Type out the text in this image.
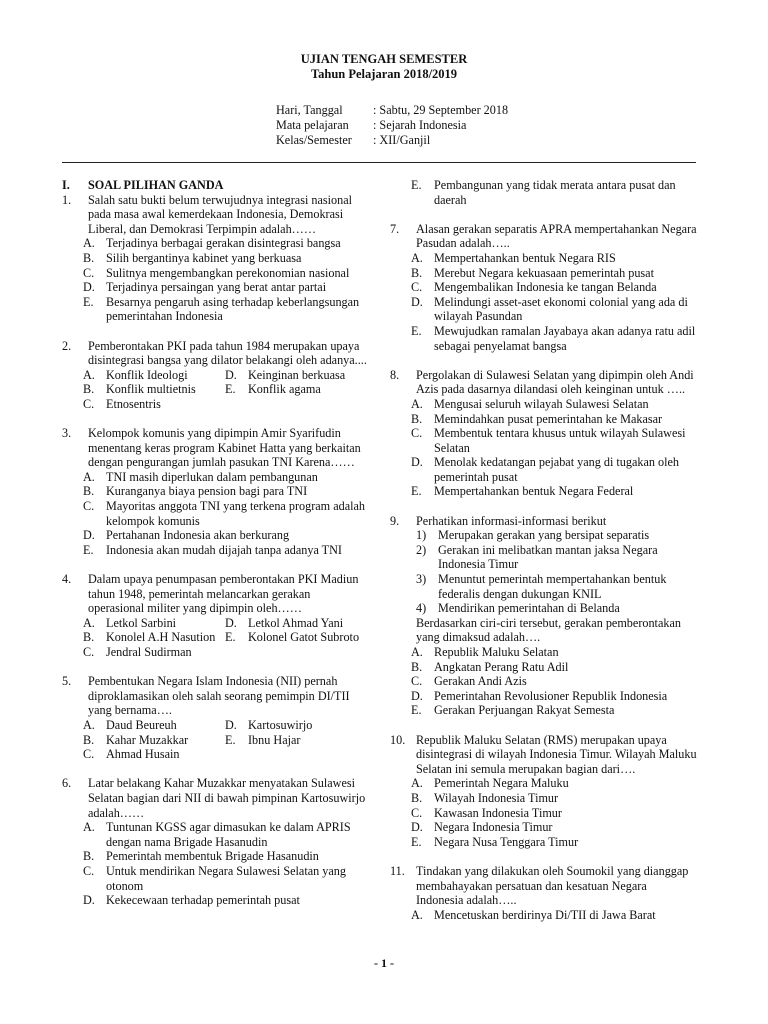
UJIAN TENGAH SEMESTER
Tahun Pelajaran 2018/2019
Hari, Tanggal	: Sabtu, 29 September 2018
Mata pelajaran	: Sejarah Indonesia
Kelas/Semester	: XII/Ganjil
I.	SOAL PILIHAN GANDA
1.	Salah satu bukti belum terwujudnya integrasi nasional pada masa awal kemerdekaan Indonesia, Demokrasi Liberal, dan Demokrasi Terpimpin adalah……
A. Terjadinya berbagai gerakan disintegrasi bangsa
B. Silih bergantinya kabinet yang berkuasa
C. Sulitnya mengembangkan perekonomian nasional
D. Terjadinya persaingan yang berat antar partai
E.	Besarnya pengaruh asing terhadap keberlangsungan pemerintahan Indonesia
2.	Pemberontakan PKI pada tahun 1984 merupakan upaya disintegrasi bangsa yang dilator belakangi oleh adanya....
A. Konflik Ideologi	D. Keinginan berkuasa
B. Konflik multietnis E.	Konflik agama
C. Etnosentris
3.	Kelompok komunis yang dipimpin Amir Syarifudin menentang keras program Kabinet Hatta yang berkaitan dengan pengurangan jumlah pasukan TNI Karena……
A. TNI masih diperlukan dalam pembangunan
B. Kuranganya biaya pension bagi para TNI
C. Mayoritas anggota TNI yang terkena program adalah kelompok komunis
D. Pertahanan Indonesia akan berkurang
E.	Indonesia akan mudah dijajah tanpa adanya TNI
4.	Dalam upaya penumpasan pemberontakan PKI Madiun tahun 1948, pemerintah melancarkan gerakan operasional militer yang dipimpin oleh……
A. Letkol Sarbini	D. Letkol Ahmad Yani
B. Konolel A.H Nasution E.	Kolonel Gatot Subroto
C. Jendral Sudirman
5.	Pembentukan Negara Islam Indonesia (NII) pernah diproklamasikan oleh salah seorang pemimpin DI/TII yang bernama….
A. Daud Beureuh	D. Kartosuwirjo
B. Kahar Muzakkar	E.	Ibnu Hajar
C. Ahmad Husain
6.	Latar belakang Kahar Muzakkar menyatakan Sulawesi Selatan bagian dari NII di bawah pimpinan Kartosuwirjo adalah……
A. Tuntunan KGSS agar dimasukan ke dalam APRIS dengan nama Brigade Hasanudin
B. Pemerintah membentuk Brigade Hasanudin
C. Untuk mendirikan Negara Sulawesi Selatan yang otonom
D. Kekecewaan terhadap pemerintah pusat
E.	Pembangunan yang tidak merata antara pusat dan daerah
7.	Alasan gerakan separatis APRA mempertahankan Negara Pasudan adalah…..
A. Mempertahankan bentuk Negara RIS
B. Merebut Negara kekuasaan pemerintah pusat
C. Mengembalikan Indonesia ke tangan Belanda
D. Melindungi asset-aset ekonomi colonial yang ada di wilayah Pasundan
E.	Mewujudkan ramalan Jayabaya akan adanya ratu adil sebagai penyelamat bangsa
8.	Pergolakan di Sulawesi Selatan yang dipimpin oleh Andi Azis pada dasarnya dilandasi oleh keinginan untuk …..
A. Mengusai seluruh wilayah Sulawesi Selatan
B. Memindahkan pusat pemerintahan ke Makasar
C. Membentuk tentara khusus untuk wilayah Sulawesi Selatan
D. Menolak kedatangan pejabat yang di tugakan oleh pemerintah pusat
E.	Mempertahankan bentuk Negara Federal
9.	Perhatikan informasi-informasi berikut
1) Merupakan gerakan yang bersipat separatis
2) Gerakan ini melibatkan mantan jaksa Negara Indonesia Timur
3) Menuntut pemerintah mempertahankan bentuk federalis dengan dukungan KNIL
4) Mendirikan pemerintahan di Belanda
Berdasarkan ciri-ciri tersebut, gerakan pemberontakan yang dimaksud adalah….
A. Republik Maluku Selatan
B. Angkatan Perang Ratu Adil
C. Gerakan Andi Azis
D. Pemerintahan Revolusioner Republik Indonesia
E.	Gerakan Perjuangan Rakyat Semesta
10. Republik Maluku Selatan (RMS) merupakan upaya disintegrasi di wilayah Indonesia Timur. Wilayah Maluku Selatan ini semula merupakan bagian dari….
A. Pemerintah Negara Maluku
B. Wilayah Indonesia Timur
C. Kawasan Indonesia Timur
D. Negara Indonesia Timur
E.	Negara Nusa Tenggara Timur
11. Tindakan yang dilakukan oleh Soumokil yang dianggap membahayakan persatuan dan kesatuan Negara Indonesia adalah…..
A. Mencetuskan berdirinya Di/TII di Jawa Barat
- 1 -
